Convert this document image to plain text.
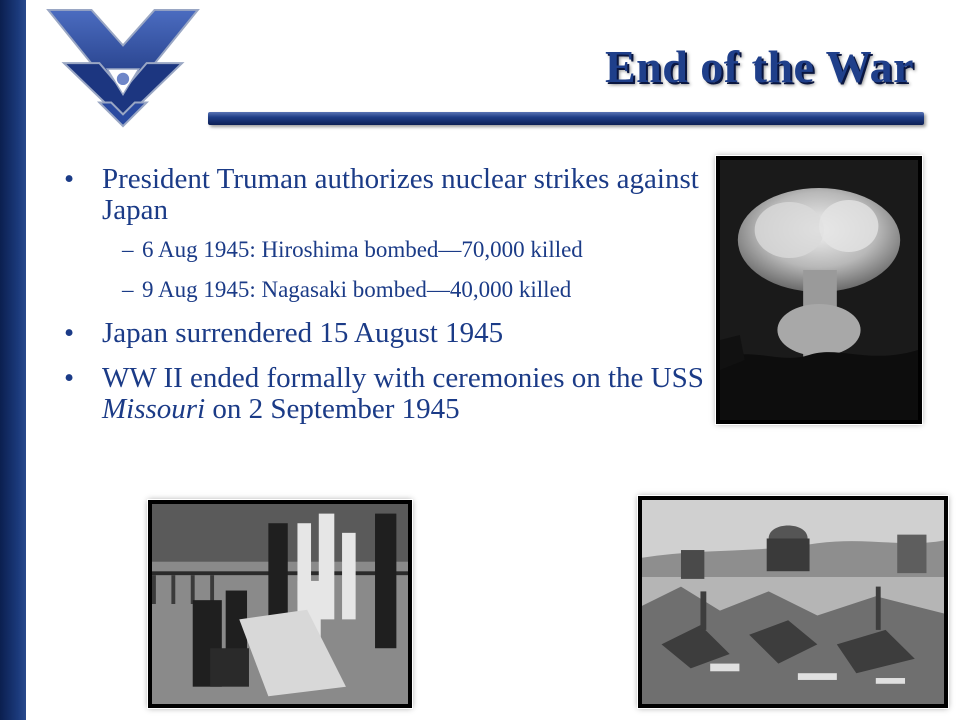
End of the War
• President Truman authorizes nuclear strikes against Japan
– 6 Aug 1945: Hiroshima bombed—70,000 killed
– 9 Aug 1945: Nagasaki bombed—40,000 killed
• Japan surrendered 15 August 1945
• WW II ended formally with ceremonies on the USS Missouri on 2 September 1945
